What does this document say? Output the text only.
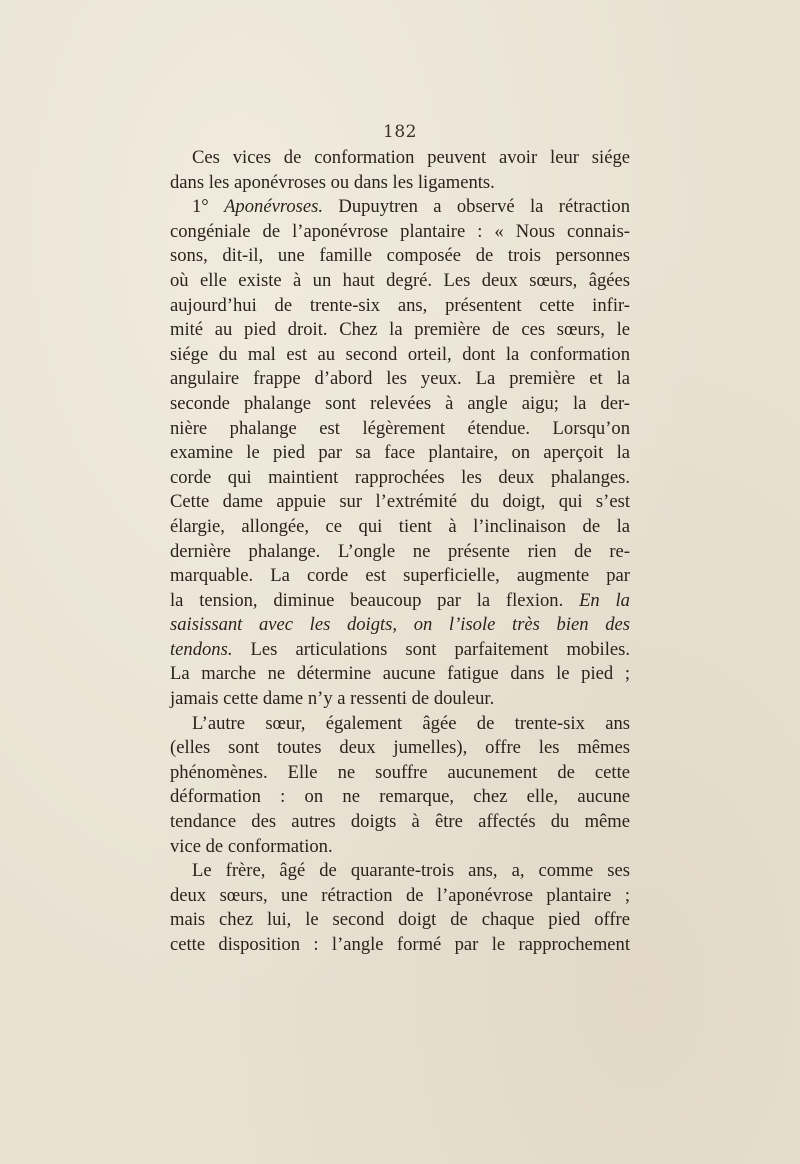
182
Ces vices de conformation peuvent avoir leur siége
dans les aponévroses ou dans les ligaments.
1° Aponévroses. Dupuytren a observé la rétraction
congéniale de l’aponévrose plantaire : « Nous connais-
sons, dit-il, une famille composée de trois personnes
où elle existe à un haut degré. Les deux sœurs, âgées
aujourd’hui de trente-six ans, présentent cette infir-
mité au pied droit. Chez la première de ces sœurs, le
siége du mal est au second orteil, dont la conformation
angulaire frappe d’abord les yeux. La première et la
seconde phalange sont relevées à angle aigu; la der-
nière phalange est légèrement étendue. Lorsqu’on
examine le pied par sa face plantaire, on aperçoit la
corde qui maintient rapprochées les deux phalanges.
Cette dame appuie sur l’extrémité du doigt, qui s’est
élargie, allongée, ce qui tient à l’inclinaison de la
dernière phalange. L’ongle ne présente rien de re-
marquable. La corde est superficielle, augmente par
la tension, diminue beaucoup par la flexion. En la
saisissant avec les doigts, on l’isole très bien des
tendons. Les articulations sont parfaitement mobiles.
La marche ne détermine aucune fatigue dans le pied ;
jamais cette dame n’y a ressenti de douleur.
L’autre sœur, également âgée de trente-six ans
(elles sont toutes deux jumelles), offre les mêmes
phénomènes. Elle ne souffre aucunement de cette
déformation : on ne remarque, chez elle, aucune
tendance des autres doigts à être affectés du même
vice de conformation.
Le frère, âgé de quarante-trois ans, a, comme ses
deux sœurs, une rétraction de l’aponévrose plantaire ;
mais chez lui, le second doigt de chaque pied offre
cette disposition : l’angle formé par le rapprochement
